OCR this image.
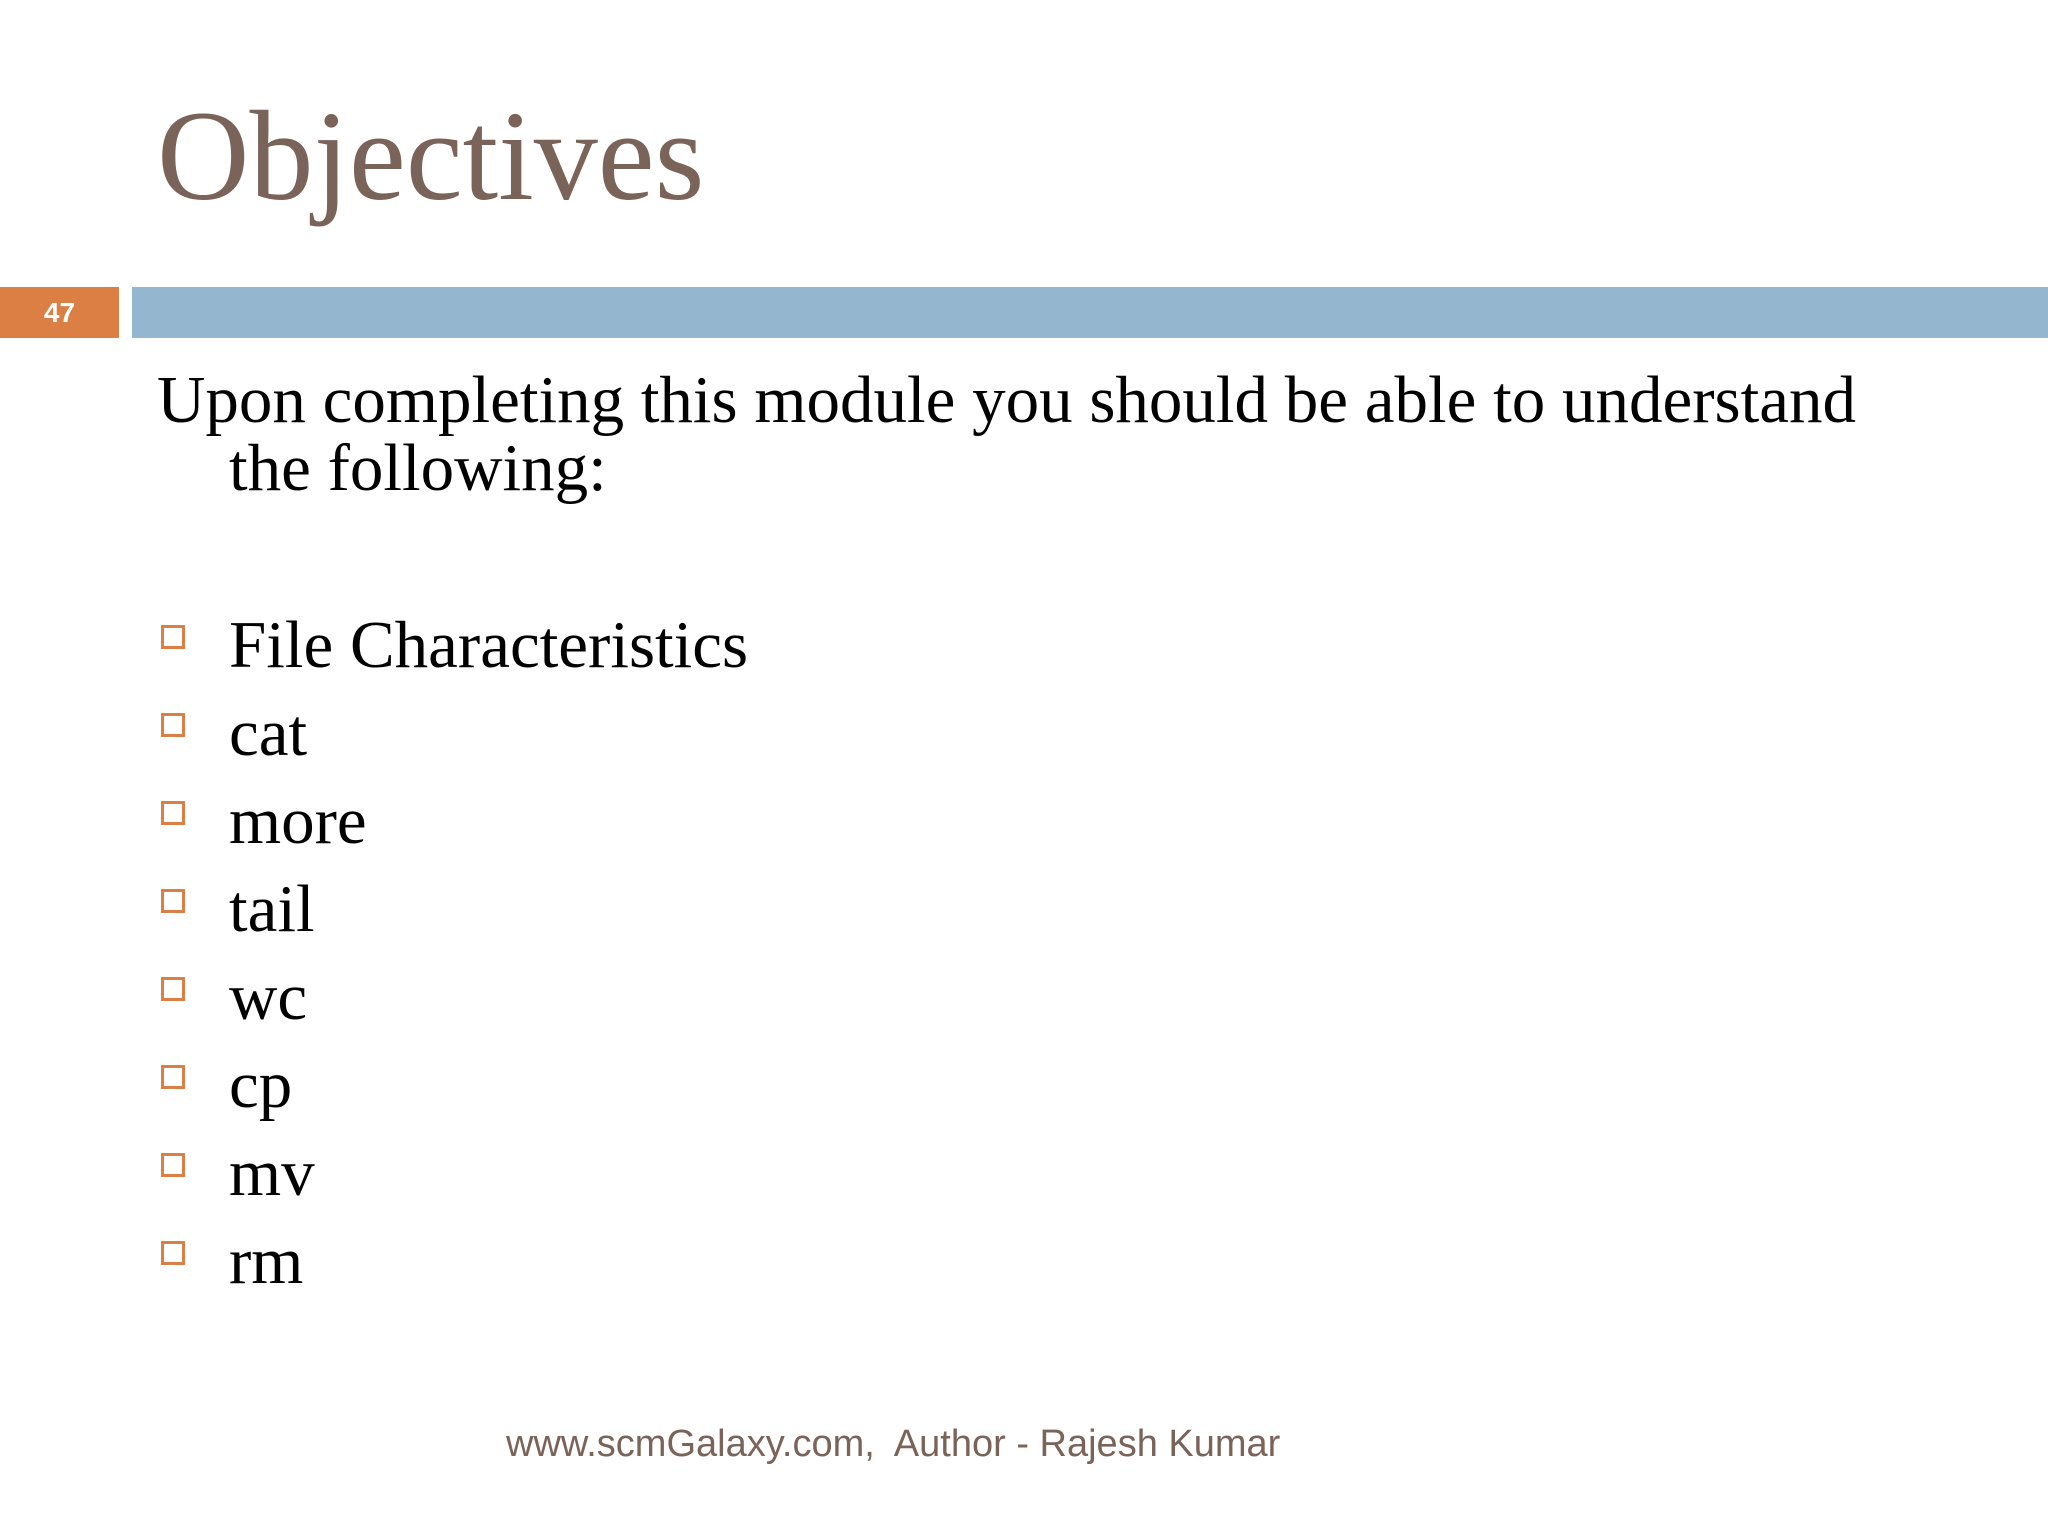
Objectives
47

Upon completing this module you should be able to understand the following:

File Characteristics
cat
more
tail
wc
cp
mv
rm
www.scmGalaxy.com,  Author - Rajesh Kumar
